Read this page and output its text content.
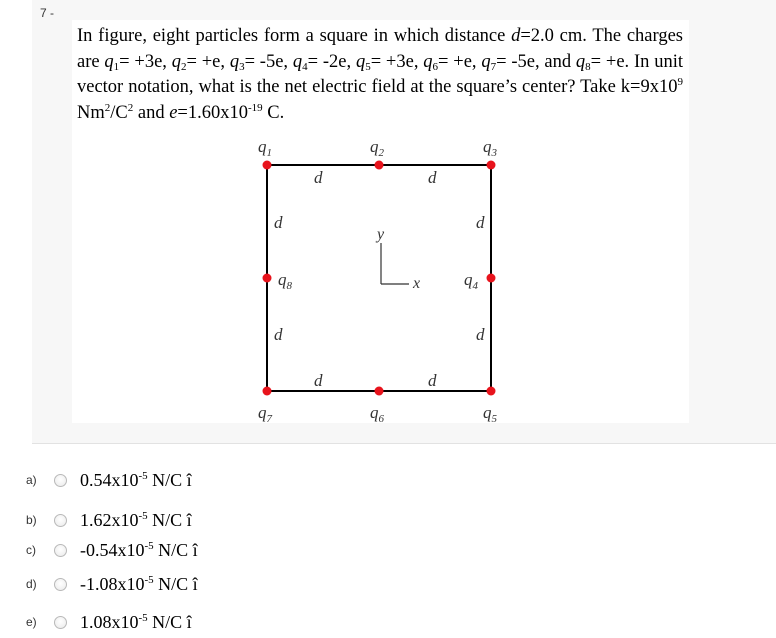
7 -

In figure, eight particles form a square in which distance d=2.0 cm. The charges are $q_1= +3e$, $q_2= +e$, $q_3= -5e$, $q_4= -2e$, $q_5= +3e$, $q_6= +e$, $q_7= -5e$, and $q_8= +e$. In unit vector notation, what is the net electric field at the square’s center? Take $k=9x10^9$ $Nm^2/C^2$ and $e=1.60x10^{-19}$ C.

y
x
d	d
d	d
d	d
d	d
$q_1$	$q_2$	$q_3$
$q_4$
$q_5$
$q_6$
$q_7$
$q_8$
a)	$0.54x10^{-5}$ N/C î
b)	$1.62x10^{-5}$ N/C î
c)	$-0.54x10^{-5}$ N/C î
d)	$-1.08x10^{-5}$ N/C î
e)	$1.08x10^{-5}$ N/C î
